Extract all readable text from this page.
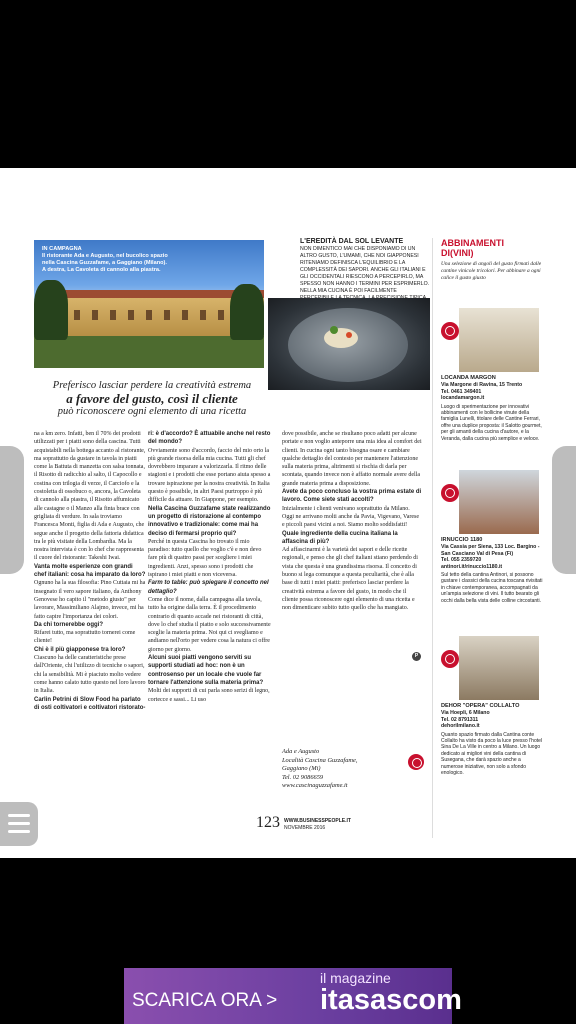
IN CAMPAGNA
Il ristorante Ada e Augusto, nel bucolico spazio nella Cascina Guzzafame, a Gaggiano (Milano). A destra, La Cavoleta di cannolo alla piastra.
L'EREDITÀ DAL SOL LEVANTE
NON DIMENTICO MAI CHE DISPONIAMO DI UN ALTRO GUSTO, L'UMAMI, CHE NOI GIAPPONESI RITENIAMO DEFINISCA L'EQUILIBRIO E LA COMPLESSITÀ DEI SAPORI. ANCHE GLI ITALIANI E GLI OCCIDENTALI RIESCONO A PERCEPIRLO, MA SPESSO NON HANNO I TERMINI PER ESPRIMERLO. NELLA MIA CUCINA È POI FACILMENTE
Preferisco lasciar perdere la creatività estrema
a favore del gusto, così il cliente
può riconoscere ogni elemento di una ricetta

na a km zero. Infatti, ben il 70% dei prodotti utilizzati per i piatti sono della cascina. Tutti acquistabili nella bottega accanto al ristorante, ma soprattutto da gustare in tavola in piatti come la Battuta di manzetta con salsa tonnata, il Risotto di radicchio al salto, il Capocollo e costina con trilogia di verze, il Carciofo e la costoletta di ossobuco o, ancora, la Cavoleta di cannolo alla piastra, il Risotto affumicato alle castagne o il Manzo alla finta brace con grigliata di verdure. In sala troviamo Francesca Monti, figlia di Ada e Augusto, che segue anche il progetto della fattoria didattica tra le più visitate della Lombardia. Ma la nostra intervista è con lo chef che rappresenta il cuore del ristorante: Takeshi Iwai.

Vanta molte esperienze con grandi chef italiani: cosa ha imparato da loro?

Ognuno ha la sua filosofia: Pino Cuttaia mi ha insegnato il vero sapore italiano, da Anthony Genovese ho capito il "metodo giusto" per lavorare, Massimiliano Alajmo, invece, mi ha fatto capire l'importanza dei colori.

Da chi tornerebbe oggi?

Rifarei tutto, ma soprattutto tornerei come cliente!

Chi è il più giapponese tra loro?

Ciascuno ha delle caratteristiche prese dall'Oriente, chi l'utilizzo di tecniche o sapori, chi la sensibilità. Mi è piaciuto molto vedere come hanno calato tutto questo nel loro lavoro in Italia.

Carlin Petrini di Slow Food ha parlato di osti coltivatori e coltivatori ristorato-

ri: è d'accordo? È attuabile anche nel resto del mondo?

Ovviamente sono d'accordo, faccio del mio orto la più grande risorsa della mia cucina. Tutti gli chef dovrebbero imparare a valorizzarla. Il ritmo delle stagioni e i prodotti che esse portano aiuta spesso a trovare ispirazione per la nostra creatività. In Italia questo è possibile, in altri Paesi purtroppo è più difficile da attuare. In Giappone, per esempio.

Nella Cascina Guzzafame state realizzando un progetto di ristorazione al contempo innovativo e tradizionale: come mai ha deciso di fermarsi proprio qui?

Perché in questa Cascina ho trovato il mio paradiso: tutto quello che voglio c'è e non devo fare più di quattro passi per scegliere i miei ingredienti. Anzi, spesso sono i prodotti che ispirano i miei piatti e non viceversa.

Farm to table: può spiegare il concetto nel dettaglio?

Come dice il nome, dalla campagna alla tavola, tutto ha origine dalla terra. È il procedimento contrario di quanto accade nei ristoranti di città, dove lo chef studia il piatto e solo successivamente sceglie la materia prima. Noi qui ci svegliamo e andiamo nell'orto per vedere cosa la natura ci offre giorno per giorno.

Alcuni suoi piatti vengono serviti su supporti studiati ad hoc: non è un controsenso per un locale che vuole far tornare l'attenzione sulla materia prima?

Molti dei supporti di cui parla sono serizi di legno, cortecce e sassi... Li uso

dove possibile, anche se risultano poco adatti per alcune portate e non voglio anteporre una mia idea al comfort dei clienti. In cucina ogni tanto bisogna osare e cambiare qualche dettaglio del contesto per mantenere l'attenzione sulla materia prima, altrimenti si rischia di darla per scontata, quando invece non è affatto normale avere della grande materia prima a disposizione.

Avete da poco concluso la vostra prima estate di lavoro. Come siete stati accolti?

Inizialmente i clienti venivano soprattutto da Milano. Oggi ne arrivano molti anche da Pavia, Vigevano, Varese e piccoli paesi vicini a noi. Siamo molto soddisfatti!

Quale ingrediente della cucina italiana la affascina di più?

Ad affascinarmi è la varietà dei sapori e delle ricette regionali, e penso che gli chef italiani stiano perdendo di vista che questa è una grandissima risorsa. Il concetto di buono si lega comunque a questa peculiarità, che è alla base di tutti i miei piatti: preferisco lasciar perdere la creatività estrema a favore del gusto, in modo che il cliente possa riconoscere ogni elemento di una ricetta e non dimenticare subito tutto quello che ha mangiato.

P
Ada e Augusto
Località Cascina Guzzafame,
Gaggiano (Mi)
Tel. 02 9086659
www.cascinaguzzafame.it
ABBINAMENTI
DI(VINI)
Una selezione di angoli del gusto firmati dalle cantine vinicole tricolori. Per abbinare a ogni calice il gusto giusto
LOCANDA MARGON
Via Margone di Ravina, 15 Trento
Tel. 0461 349401
locandamargon.it
Luogo di sperimentazione per innovativi abbinamenti con le bollicine vinute della famiglia Lunelli, titolare delle Cantine Ferrari, offre una duplice proposta: il Salotto gourmet, per gli amanti della cucina d'autore, e la Veranda, dalla cucina più semplice e veloce.
IRNUCCIO 1180
Via Cassia per Siena, 133 Loc. Bargino - San Casciano Val di Pesa (Fi)
Tel. 055 2359720
antinori.it/rinuccio1180.it
Sul tetto della cantina Antinori, si possono gustare i classici della cucina toscana rivisitati in chiave contemporanea, accompagnati da un'ampia selezione di vini. Il tutto bearato gli occhi dalla bella vista delle colline circostanti.
DEHOR "OPERA" COLLALTO
Via Hoepli, 6 Milano
Tel. 02 8791311
dehorilmilano.it
Quanto spazio firmato dalla Cantina conte Collalto ha visto da poco la luce presso l'hotel Sina De La Ville in centro a Milano. Un luogo dedicato ai migliori vini della cantina di Susegana, che darà spazio anche a numerose iniziative, non solo a sfondo enologico.
123 WWW.BUSINESSPEOPLE.IT
NOVEMBRE 2016
SCARICA ORA >
il magazine
itasascom
